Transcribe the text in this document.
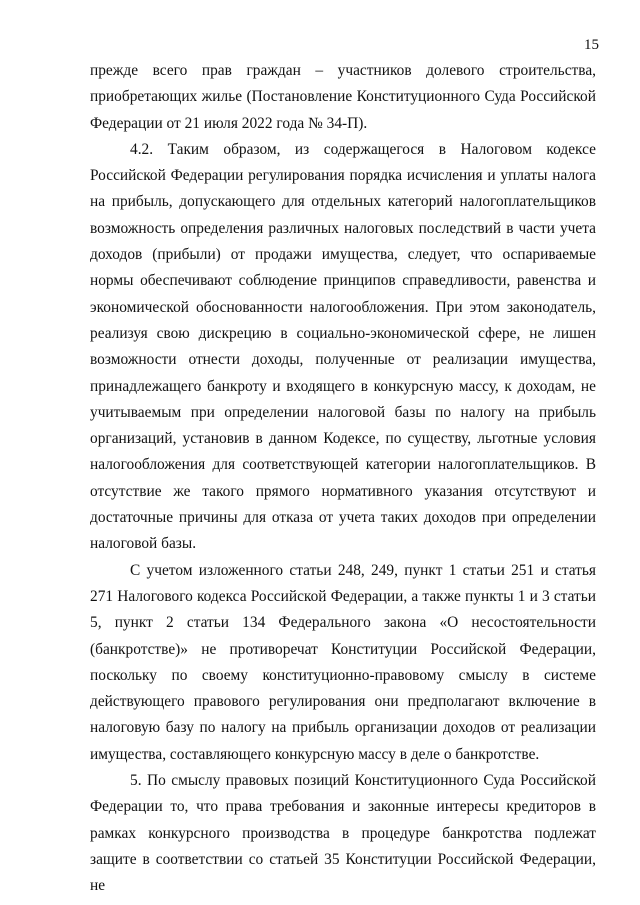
15

прежде всего прав граждан – участников долевого строительства, приобретающих жилье (Постановление Конституционного Суда Российской Федерации от 21 июля 2022 года № 34-П).

4.2. Таким образом, из содержащегося в Налоговом кодексе Российской Федерации регулирования порядка исчисления и уплаты налога на прибыль, допускающего для отдельных категорий налогоплательщиков возможность определения различных налоговых последствий в части учета доходов (прибыли) от продажи имущества, следует, что оспариваемые нормы обеспечивают соблюдение принципов справедливости, равенства и экономической обоснованности налогообложения. При этом законодатель, реализуя свою дискрецию в социально-экономической сфере, не лишен возможности отнести доходы, полученные от реализации имущества, принадлежащего банкроту и входящего в конкурсную массу, к доходам, не учитываемым при определении налоговой базы по налогу на прибыль организаций, установив в данном Кодексе, по существу, льготные условия налогообложения для соответствующей категории налогоплательщиков. В отсутствие же такого прямого нормативного указания отсутствуют и достаточные причины для отказа от учета таких доходов при определении налоговой базы.

С учетом изложенного статьи 248, 249, пункт 1 статьи 251 и статья 271 Налогового кодекса Российской Федерации, а также пункты 1 и 3 статьи 5, пункт 2 статьи 134 Федерального закона «О несостоятельности (банкротстве)» не противоречат Конституции Российской Федерации, поскольку по своему конституционно-правовому смыслу в системе действующего правового регулирования они предполагают включение в налоговую базу по налогу на прибыль организации доходов от реализации имущества, составляющего конкурсную массу в деле о банкротстве.

5. По смыслу правовых позиций Конституционного Суда Российской Федерации то, что права требования и законные интересы кредиторов в рамках конкурсного производства в процедуре банкротства подлежат защите в соответствии со статьей 35 Конституции Российской Федерации, не
